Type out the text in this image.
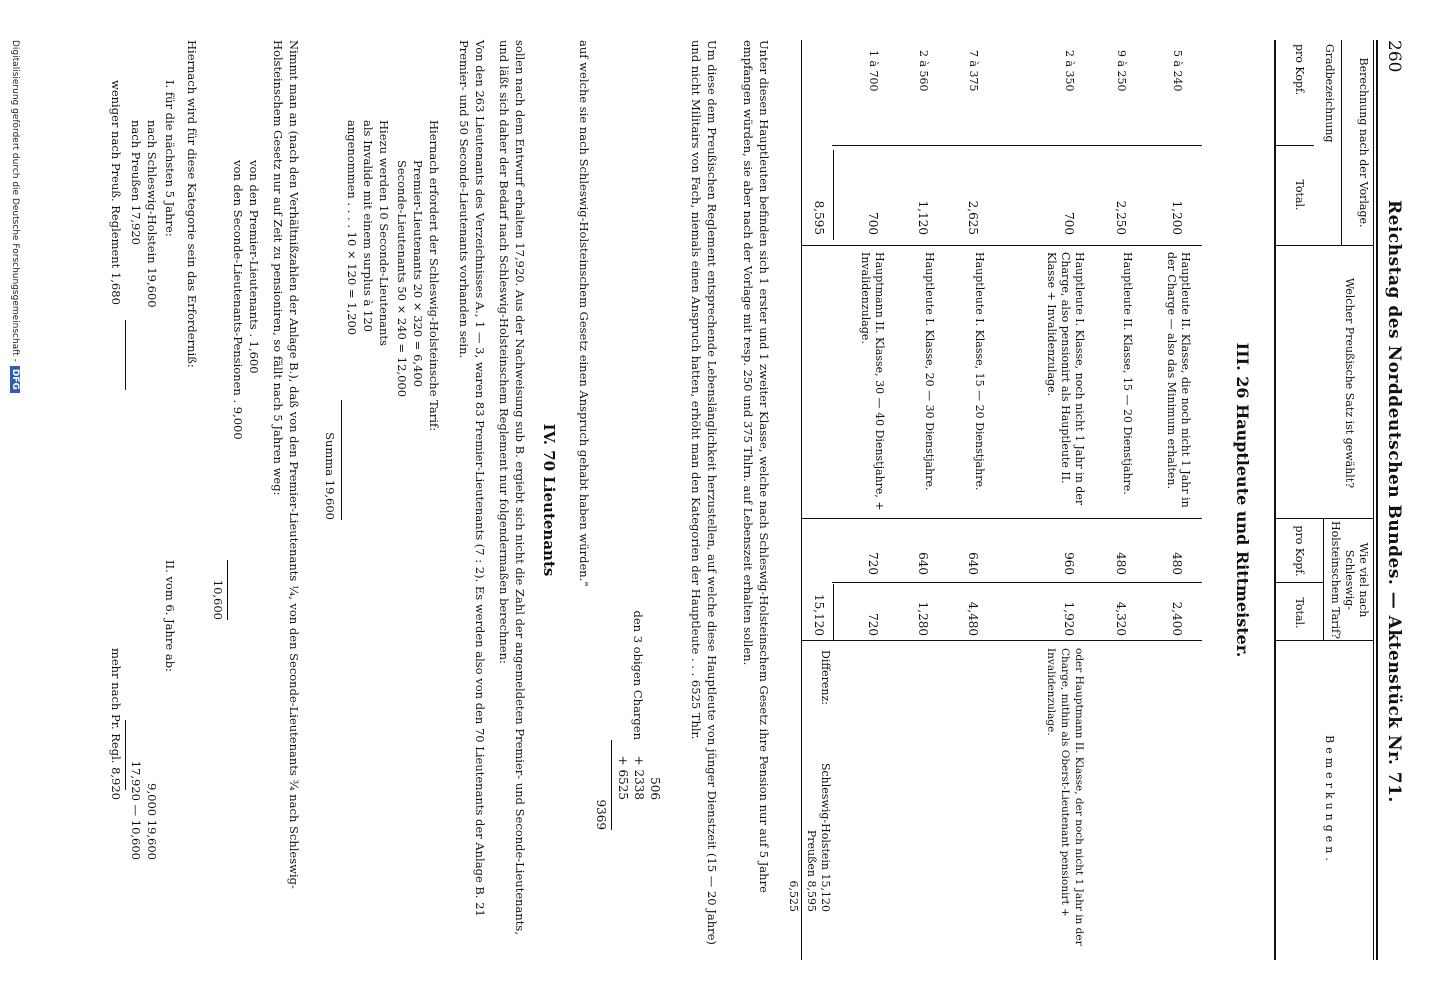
260
Reichstag des Norddeutschen Bundes. — Aktenstück Nr. 71.
Berechnung nach der Vorlage.
Gradbezeichnung
pro Kopf.
Total.
Welcher Preußische Satz ist gewählt?
Wie viel nach Schleswig-Holsteinschem Tarif?
pro Kopf.
Total.
Bemerkungen.
III. 26 Hauptleute und Rittmeister.
5 à 240
1,200
Hauptleute II. Klasse, die noch nicht 1 Jahr in der Charge — also das Minimum erhalten.
480
2,400
9 à 250
2,250
Hauptleute II. Klasse, 15 — 20 Dienstjahre.
480
4,320
2 à 350
700
Hauptleute I. Klasse, noch nicht 1 Jahr in der Charge, also pensionirt als Hauptleute II. Klasse + Invalidenzulage.
960
1,920
oder Hauptmann II. Klasse, der noch nicht 1 Jahr in der Charge, mithin als Oberst-Lieutenant pensionirt + Invalidenzulage.
7 à 375
2,625
Hauptleute I. Klasse, 15 — 20 Dienstjahre.
640
4,480
2 à 560
1,120
Hauptleute I. Klasse, 20 — 30 Dienstjahre.
640
1,280
1 à 700
700
Hauptmann II. Klasse, 30 — 40 Dienstjahre, + Invalidenzulage.
720
720
8,595
15,120
Differenz:
Schleswig-Holstein 15,120
Preußen 8,595
6,525
Unter diesen Hauptleuten befinden sich 1 erster und 1 zweiter Klasse, welche nach Schleswig-Holsteinschem Gesetz ihre Pension nur auf 5 Jahre empfangen würden, sie aber nach der Vorlage mit resp. 250 und 375 Thlrn. auf Lebenszeit erhalten sollen.
Um diese dem Preußischen Reglement entsprechende Lebenslänglichkeit herzustellen, auf welche diese Hauptleute von jünger Dienstzeit (15 — 20 Jahre) und nicht Militairs von Fach, niemals einen Anspruch hatten, erhöht man den Kategorien der Hauptleute . . . 6525 Thlr.
506
den 3 obigen Chargen
+ 2338
+ 6525
9369
auf welche sie nach Schleswig-Holsteinschem Gesetz einen Anspruch gehabt haben würden."
IV. 70 Lieutenants
sollen nach dem Entwurf erhalten 17,920. Aus der Nachweisung sub B. ergiebt sich nicht die Zahl der angemeldeten Premier- und Seconde-Lieutenants, und läßt sich daher der Bedarf nach Schleswig-Holsteinschem Reglement nur folgendermaßen berechnen:
Von den 263 Lieutenants des Verzeichnisses A., 1 — 3, waren 83 Premier-Lieutenants (7 : 2). Es werden also von den 70 Lieutenants der Anlage B. 21 Premier- und 50 Seconde-Lieutenants vorhanden sein.
Hiernach erfordert der Schleswig-Holsteinsche Tarif:
Premier-Lieutenants 20 × 320 = 6,400
Seconde-Lieutenants 50 × 240 = 12,000
Hiezu werden 10 Seconde-Lieutenants
als Invalide mit einem surplus à 120
angenommen . . . . 10 × 120 = 1,200
Summa 19,600
Nimmt man an (nach den Verhältnißzahlen der Anlage B.), daß von den Premier-Lieutenants ¼, von den Seconde-Lieutenants ¾ nach Schleswig-Holsteinschem Gesetz nur auf Zeit zu pensioniren, so fällt nach 5 Jahren weg:
von den Premier-Lieutenants . 1,600
von den Seconde-Lieutenants-Pensionen . 9,000
10,600
Hiernach wird für diese Kategorie sein das Erforderniß:
I. für die nächsten 5 Jahre:
nach Schleswig-Holstein 19,600
nach Preußen 17,920
weniger nach Preuß. Reglement 1,680
II. vom 6. Jahre ab:
9,000 19,600
17,920 — 10,600
mehr nach Pr. Regl. 8,920
Digitalisierung gefördert durch die Deutsche Forschungsgemeinschaft -DFG
